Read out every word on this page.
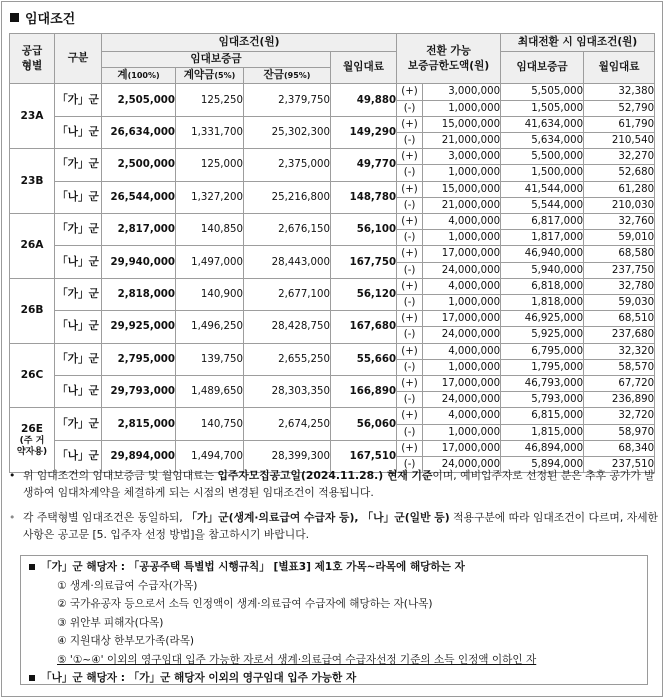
임대조건
공급
형별	구분	임대조건(원)				전환 가능
보증금한도액(원)		최대전환 시 임대조건(원)	
		임대보증금			월임대료			임대보증금	월임대료
		계(100%)	계약금(5%)	잔금(95%)					

23A	「가」군	2,505,000	125,250	2,379,750	49,880	(+)	3,000,000	5,505,000	32,380
						(-)	1,000,000	1,505,000	52,790
	「나」군	26,634,000	1,331,700	25,302,300	149,290	(+)	15,000,000	41,634,000	61,790
						(-)	21,000,000	5,634,000	210,540

23B	「가」군	2,500,000	125,000	2,375,000	49,770	(+)	3,000,000	5,500,000	32,270
						(-)	1,000,000	1,500,000	52,680
	「나」군	26,544,000	1,327,200	25,216,800	148,780	(+)	15,000,000	41,544,000	61,280
						(-)	21,000,000	5,544,000	210,030

26A	「가」군	2,817,000	140,850	2,676,150	56,100	(+)	4,000,000	6,817,000	32,760
						(-)	1,000,000	1,817,000	59,010
	「나」군	29,940,000	1,497,000	28,443,000	167,750	(+)	17,000,000	46,940,000	68,580
						(-)	24,000,000	5,940,000	237,750

26B	「가」군	2,818,000	140,900	2,677,100	56,120	(+)	4,000,000	6,818,000	32,780
						(-)	1,000,000	1,818,000	59,030
	「나」군	29,925,000	1,496,250	28,428,750	167,680	(+)	17,000,000	46,925,000	68,510
						(-)	24,000,000	5,925,000	237,680

26C	「가」군	2,795,000	139,750	2,655,250	55,660	(+)	4,000,000	6,795,000	32,320
						(-)	1,000,000	1,795,000	58,570
	「나」군	29,793,000	1,489,650	28,303,350	166,890	(+)	17,000,000	46,793,000	67,720
						(-)	24,000,000	5,793,000	236,890

26E
(주 거
약자용)	「가」군	2,815,000	140,750	2,674,250	56,060	(+)	4,000,000	6,815,000	32,720
						(-)	1,000,000	1,815,000	58,970
	「나」군	29,894,000	1,494,700	28,399,300	167,510	(+)	17,000,000	46,894,000	68,340
						(-)	24,000,000	5,894,000	237,510

• 위 임대조건의 임대보증금 및 월임대료는 입주자모집공고일(2024.11.28.) 현재 기준이며, 예비입주자로 선정된 분은 추후 공가가 발생하여 임대차계약을 체결하게 되는 시점의 변경된 임대조건이 적용됩니다.

• 각 주택형별 임대조건은 동일하되, 「가」군(생계·의료급여 수급자 등), 「나」군(일반 등) 적용구분에 따라 임대조건이 다르며, 자세한 사항은 공고문 [5. 입주자 선정 방법]을 참고하시기 바랍니다.

「가」군 해당자 : 「공공주택 특별법 시행규칙」 [별표3] 제1호 가목~라목에 해당하는 자
① 생계·의료급여 수급자(가목)
② 국가유공자 등으로서 소득 인정액이 생계·의료급여 수급자에 해당하는 자(나목)
③ 위안부 피해자(다목)
④ 지원대상 한부모가족(라목)
⑤ '①~④' 이외의 영구임대 입주 가능한 자로서 생계·의료급여 수급자선정 기준의 소득 인정액 이하인 자
「나」군 해당자 : 「가」군 해당자 이외의 영구임대 입주 가능한 자
